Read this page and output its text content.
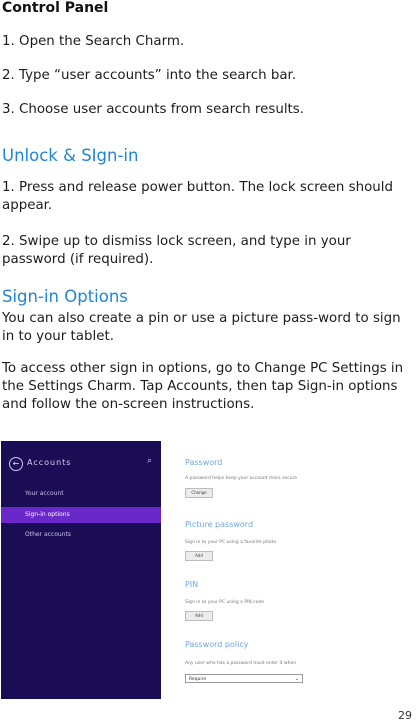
Control Panel
1. Open the Search Charm.
2. Type “user accounts” into the search bar.
3. Choose user accounts from search results.
Unlock & SIgn-in
1. Press and release power button. The lock screen should appear.
2. Swipe up to dismiss lock screen, and type in your password (if required).
Sign-in Options
You can also create a pin or use a picture pass-word to sign in to your tablet.
To access other sign in options, go to Change PC Settings in the Settings Charm. Tap Accounts, then tap Sign-in options and follow the on-screen instructions.
← Accounts	⌕
Your account
Sign-in options
Other accounts
Password
A password helps keep your account more secure
Change
Picture password
Sign in to your PC using a favorite photo
Add
PIN
Sign in to your PC using a PIN code
Add
Password policy
Any user who has a password must enter it when
Require	⌄
29
